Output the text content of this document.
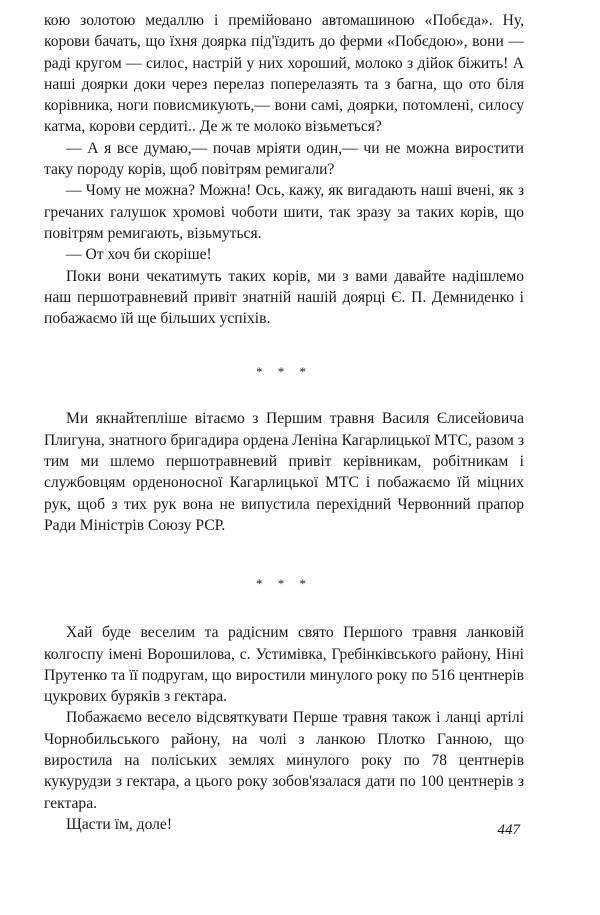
кою золотою медаллю і премійовано автомашиною «Побєда». Ну, корови бачать, що їхня доярка під'їздить до ферми «Побєдою», вони — раді кругом — силос, настрій у них хороший, молоко з дійок біжить! А наші доярки доки через перелаз поперелазять та з багна, що ото біля корівника, ноги повисмикують,— вони самі, доярки, потомлені, силосу катма, корови сердиті.. Де ж те молоко візьметься?

— А я все думаю,— почав мріяти один,— чи не можна виростити таку породу корів, щоб повітрям ремигали?

— Чому не можна? Можна! Ось, кажу, як вигадають наші вчені, як з гречаних галушок хромові чоботи шити, так зразу за таких корів, що повітрям ремигають, візьмуться.

— От хоч би скоріше!

Поки вони чекатимуть таких корів, ми з вами давайте надішлемо наш першотравневий привіт знатній нашій доярці Є. П. Демниденко і побажаємо їй ще більших успіхів.

* * *

Ми якнайтепліше вітаємо з Першим травня Василя Єлисейовича Плигуна, знатного бригадира ордена Леніна Кагарлицької МТС, разом з тим ми шлемо першотравневий привіт керівникам, робітникам і службовцям орденоносної Кагарлицької МТС і побажаємо їй міцних рук, щоб з тих рук вона не випустила перехідний Червонний прапор Ради Міністрів Союзу РСР.

* * *

Хай буде веселим та радісним свято Першого травня ланковій колгоспу імені Ворошилова, с. Устимівка, Гребінківського району, Ніні Прутенко та її подругам, що виростили минулого року по 516 центнерів цукрових буряків з гектара.

Побажаємо весело відсвяткувати Перше травня також і ланці артілі Чорнобильського району, на чолі з ланкою Плотко Ганною, що виростила на поліських землях минулого року по 78 центнерів кукурудзи з гектара, а цього року зобов'язалася дати по 100 центнерів з гектара.

Щасти їм, доле!	447
